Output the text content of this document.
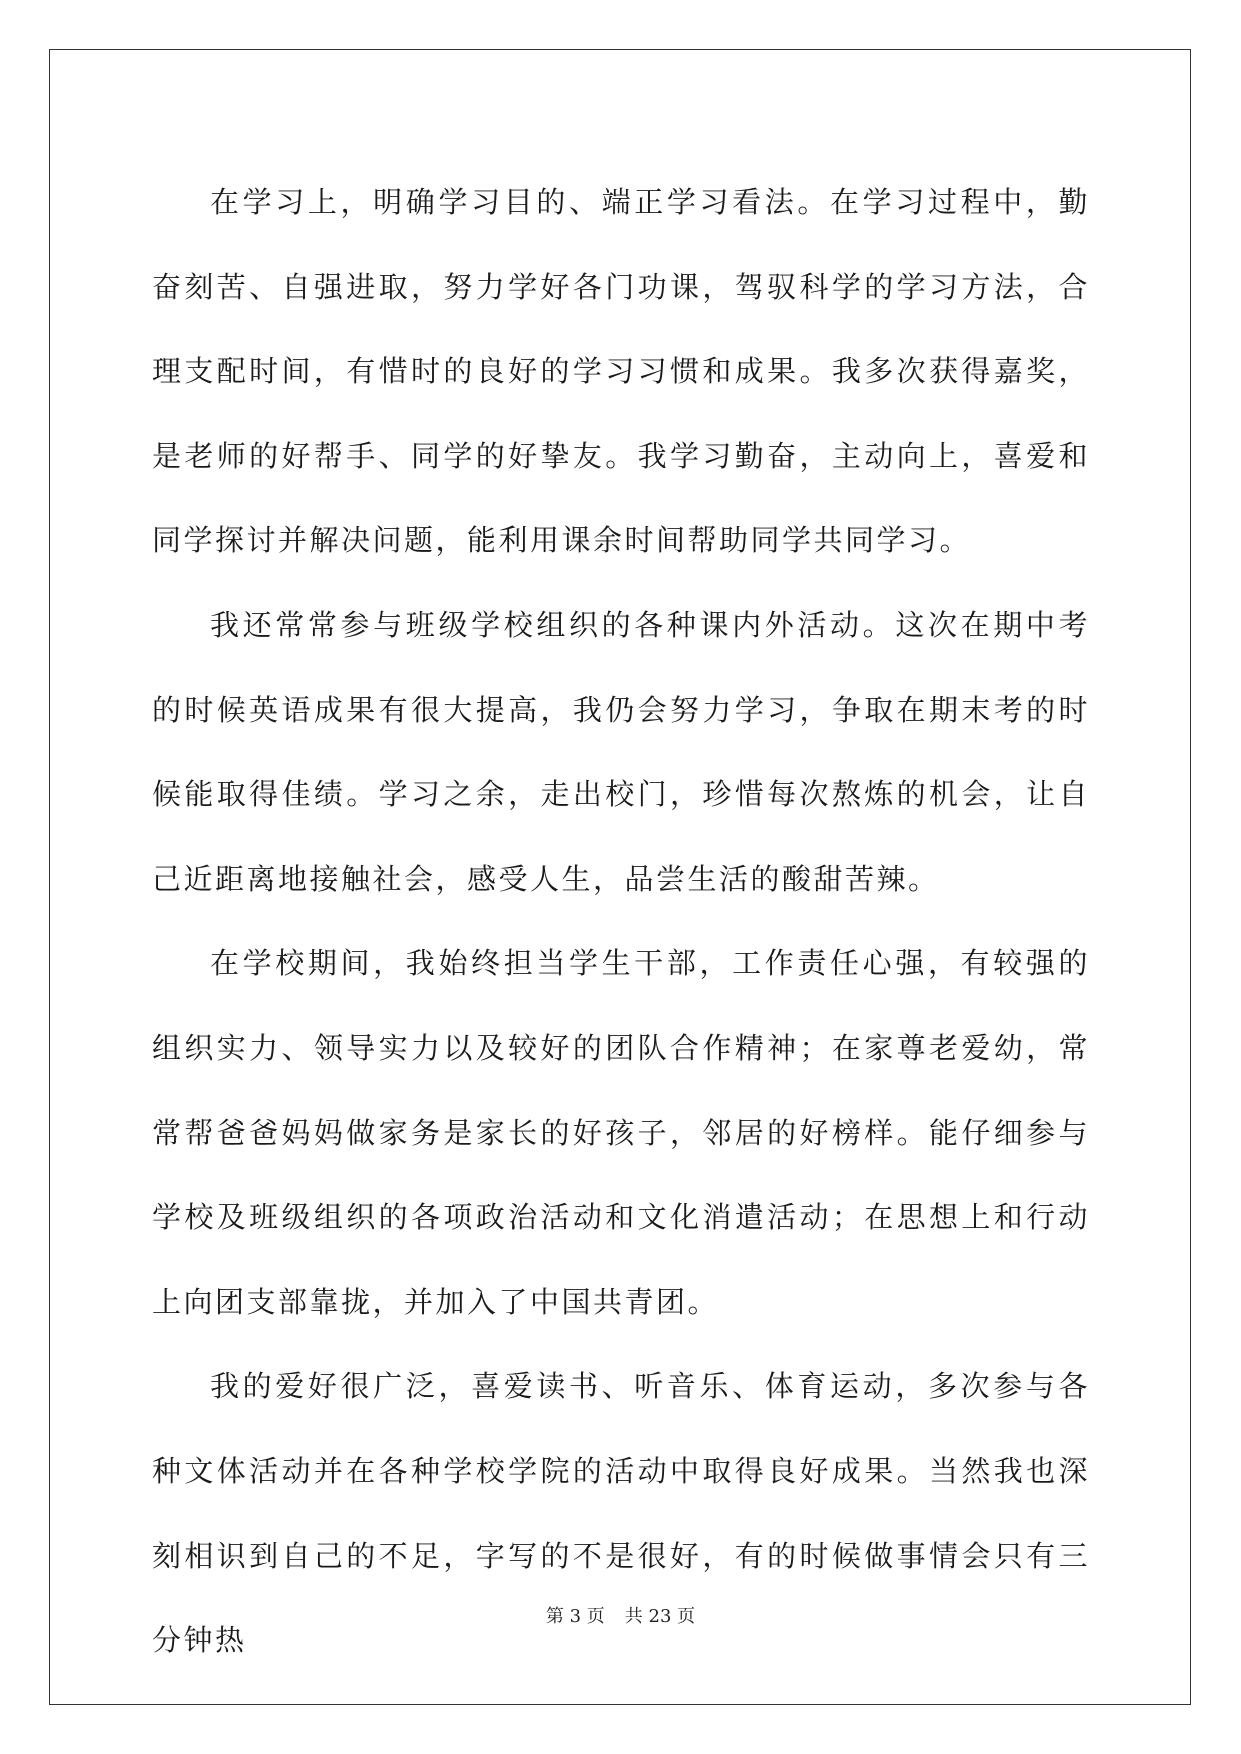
在学习上，明确学习目的、端正学习看法。在学习过程中，勤奋刻苦、自强进取，努力学好各门功课，驾驭科学的学习方法，合理支配时间，有惜时的良好的学习习惯和成果。我多次获得嘉奖，是老师的好帮手、同学的好挚友。我学习勤奋，主动向上，喜爱和同学探讨并解决问题，能利用课余时间帮助同学共同学习。

我还常常参与班级学校组织的各种课内外活动。这次在期中考的时候英语成果有很大提高，我仍会努力学习，争取在期末考的时候能取得佳绩。学习之余，走出校门，珍惜每次熬炼的机会，让自己近距离地接触社会，感受人生，品尝生活的酸甜苦辣。

在学校期间，我始终担当学生干部，工作责任心强，有较强的组织实力、领导实力以及较好的团队合作精神；在家尊老爱幼，常常帮爸爸妈妈做家务是家长的好孩子，邻居的好榜样。能仔细参与学校及班级组织的各项政治活动和文化消遣活动；在思想上和行动上向团支部靠拢，并加入了中国共青团。

我的爱好很广泛，喜爱读书、听音乐、体育运动，多次参与各种文体活动并在各种学校学院的活动中取得良好成果。当然我也深刻相识到自己的不足，字写的不是很好，有的时候做事情会只有三分钟热

第 3 页 共 23 页
